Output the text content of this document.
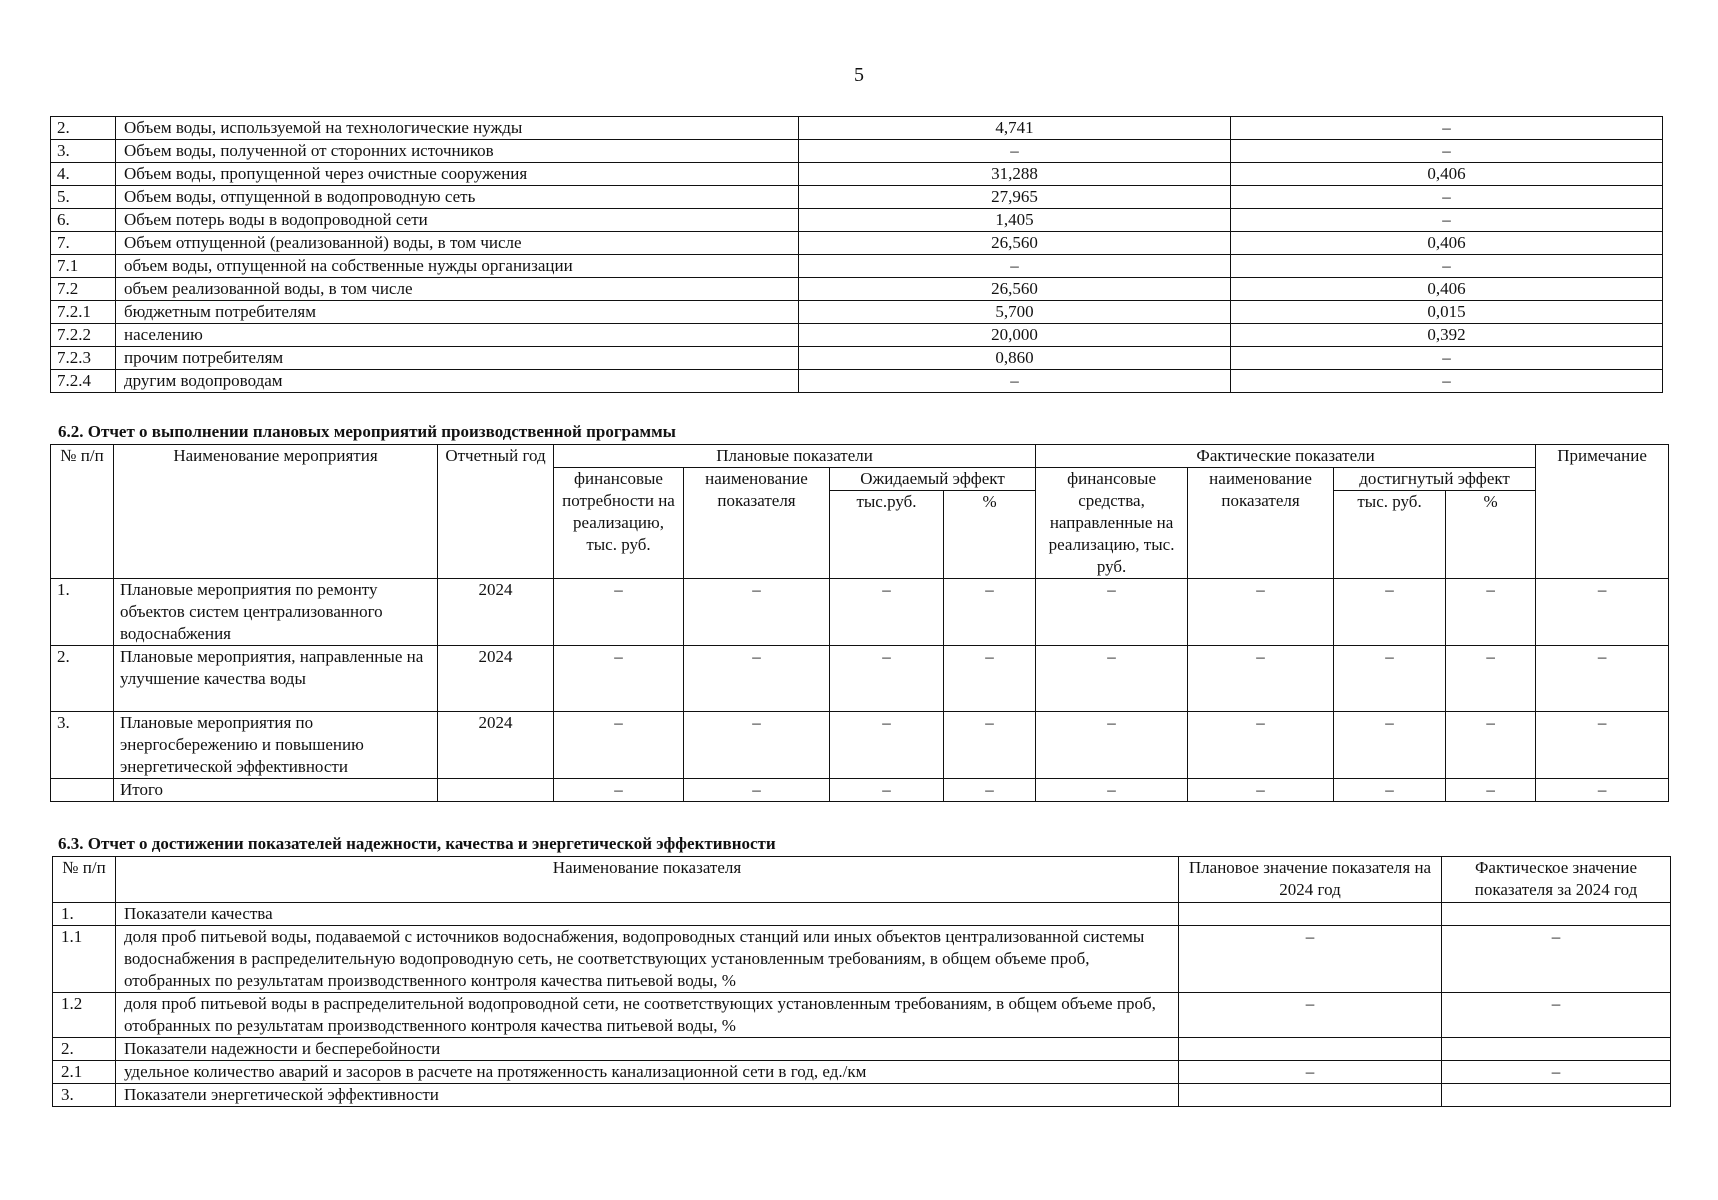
5
2.	Объем воды, используемой на технологические нужды	4,741	–
3.	Объем воды, полученной от сторонних источников	–	–
4.	Объем воды, пропущенной через очистные сооружения	31,288	0,406
5.	Объем воды, отпущенной в водопроводную сеть	27,965	–
6.	Объем потерь воды в водопроводной сети	1,405	–
7.	Объем отпущенной (реализованной) воды, в том числе	26,560	0,406
7.1	объем воды, отпущенной на собственные нужды организации	–	–
7.2	объем реализованной воды, в том числе	26,560	0,406
7.2.1	бюджетным потребителям	5,700	0,015
7.2.2	населению	20,000	0,392
7.2.3	прочим потребителям	0,860	–
7.2.4	другим водопроводам	–	–
6.2. Отчет о выполнении плановых мероприятий производственной программы
№ п/п	Наименование мероприятия	Отчетный год	Плановые показатели				Фактические показатели				Примечание
			финансовые потребности на реализацию, тыс. руб.	наименование показателя	Ожидаемый эффект		финансовые средства, направленные на реализацию, тыс. руб.	наименование показателя	достигнутый эффект		
					тыс.руб.	%			тыс. руб.	%	
1.	Плановые мероприятия по ремонту объектов систем централизованного водоснабжения	2024	–	–	–	–	–	–	–	–	–
2.	Плановые мероприятия, направленные на улучшение качества воды	2024	–	–	–	–	–	–	–	–	–
3.	Плановые мероприятия по энергосбережению и повышению энергетической эффективности	2024	–	–	–	–	–	–	–	–	–
	Итого		–	–	–	–	–	–	–	–	–
6.3. Отчет о достижении показателей надежности, качества и энергетической эффективности
№ п/п	Наименование показателя	Плановое значение показателя на 2024 год	Фактическое значение показателя за 2024 год
1.	Показатели качества		
1.1	доля проб питьевой воды, подаваемой с источников водоснабжения, водопроводных станций или иных объектов централизованной системы водоснабжения в распределительную водопроводную сеть, не соответствующих установленным требованиям, в общем объеме проб, отобранных по результатам производственного контроля качества питьевой воды, %	–	–
1.2	доля проб питьевой воды в распределительной водопроводной сети, не соответствующих установленным требованиям, в общем объеме проб, отобранных по результатам производственного контроля качества питьевой воды, %	–	–
2.	Показатели надежности и бесперебойности		
2.1	удельное количество аварий и засоров в расчете на протяженность канализационной сети в год, ед./км	–	–
3.	Показатели энергетической эффективности		
